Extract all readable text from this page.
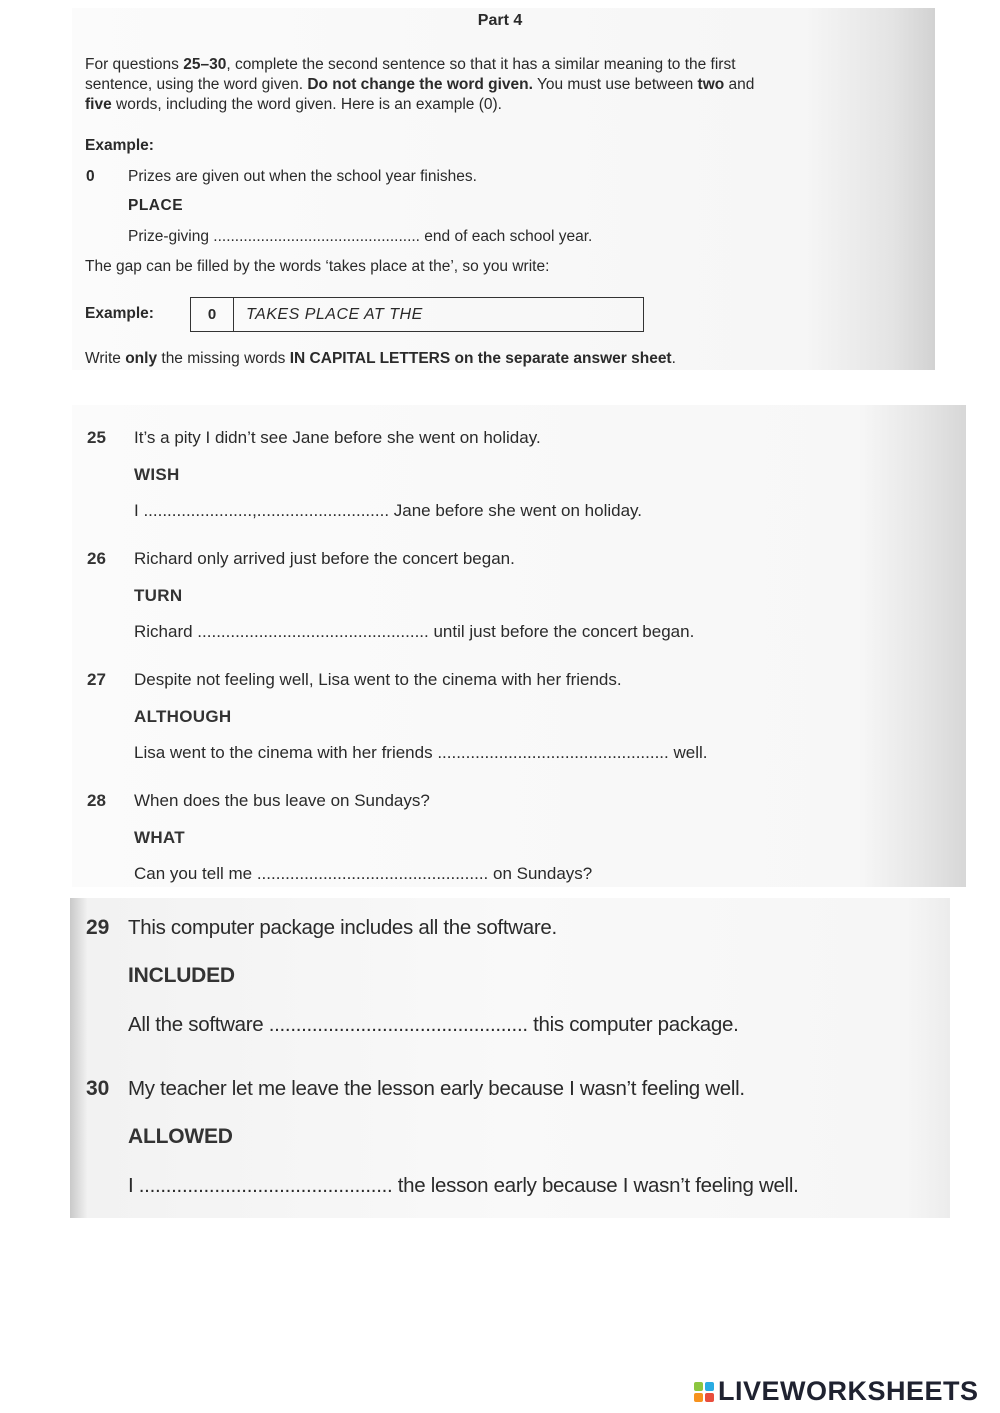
Part 4
For questions 25–30, complete the second sentence so that it has a similar meaning to the first
sentence, using the word given. Do not change the word given. You must use between two and
five words, including the word given. Here is an example (0).
Example:
0 Prizes are given out when the school year finishes.
PLACE
Prize-giving ................................................ end of each school year.
The gap can be filled by the words ‘takes place at the’, so you write:
Example:	0	TAKES PLACE AT THE
Write only the missing words IN CAPITAL LETTERS on the separate answer sheet.
25 It’s a pity I didn’t see Jane before she went on holiday.
WISH
I .......................,............................ Jane before she went on holiday.
26 Richard only arrived just before the concert began.
TURN
Richard ................................................. until just before the concert began.
27 Despite not feeling well, Lisa went to the cinema with her friends.
ALTHOUGH
Lisa went to the cinema with her friends ................................................. well.
28 When does the bus leave on Sundays?
WHAT
Can you tell me ................................................. on Sundays?
29 This computer package includes all the software.
INCLUDED
All the software ................................................ this computer package.
30 My teacher let me leave the lesson early because I wasn’t feeling well.
ALLOWED
I ............................................... the lesson early because I wasn’t feeling well.
LIVEWORKSHEETS
